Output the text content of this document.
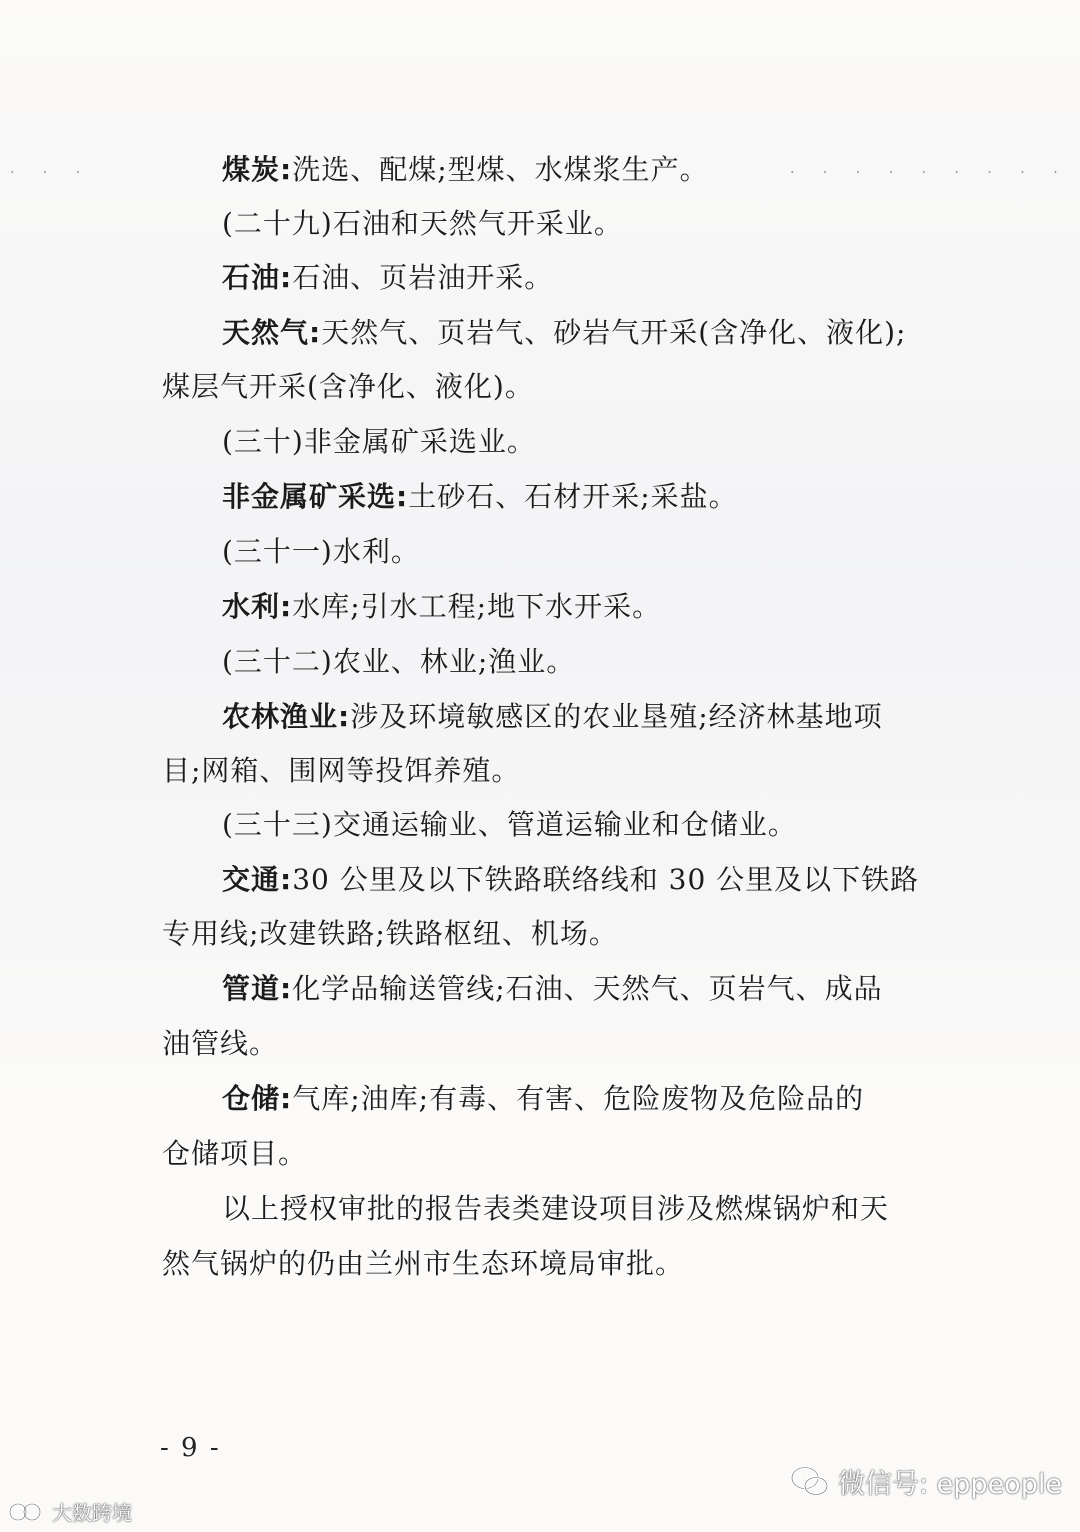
· · ·	· · · · · · · · ·
煤炭:洗选、配煤;型煤、水煤浆生产。
(二十九)石油和天然气开采业。
石油:石油、页岩油开采。
天然气:天然气、页岩气、砂岩气开采(含净化、液化);
煤层气开采(含净化、液化)。
(三十)非金属矿采选业。
非金属矿采选:土砂石、石材开采;采盐。
(三十一)水利。
水利:水库;引水工程;地下水开采。
(三十二)农业、林业;渔业。
农林渔业:涉及环境敏感区的农业垦殖;经济林基地项
目;网箱、围网等投饵养殖。
(三十三)交通运输业、管道运输业和仓储业。
交通:30 公里及以下铁路联络线和 30 公里及以下铁路
专用线;改建铁路;铁路枢纽、机场。
管道:化学品输送管线;石油、天然气、页岩气、成品
油管线。
仓储:气库;油库;有毒、有害、危险废物及危险品的
仓储项目。
以上授权审批的报告表类建设项目涉及燃煤锅炉和天
然气锅炉的仍由兰州市生态环境局审批。
- 9 -
大数跨境
微信号: eppeople
